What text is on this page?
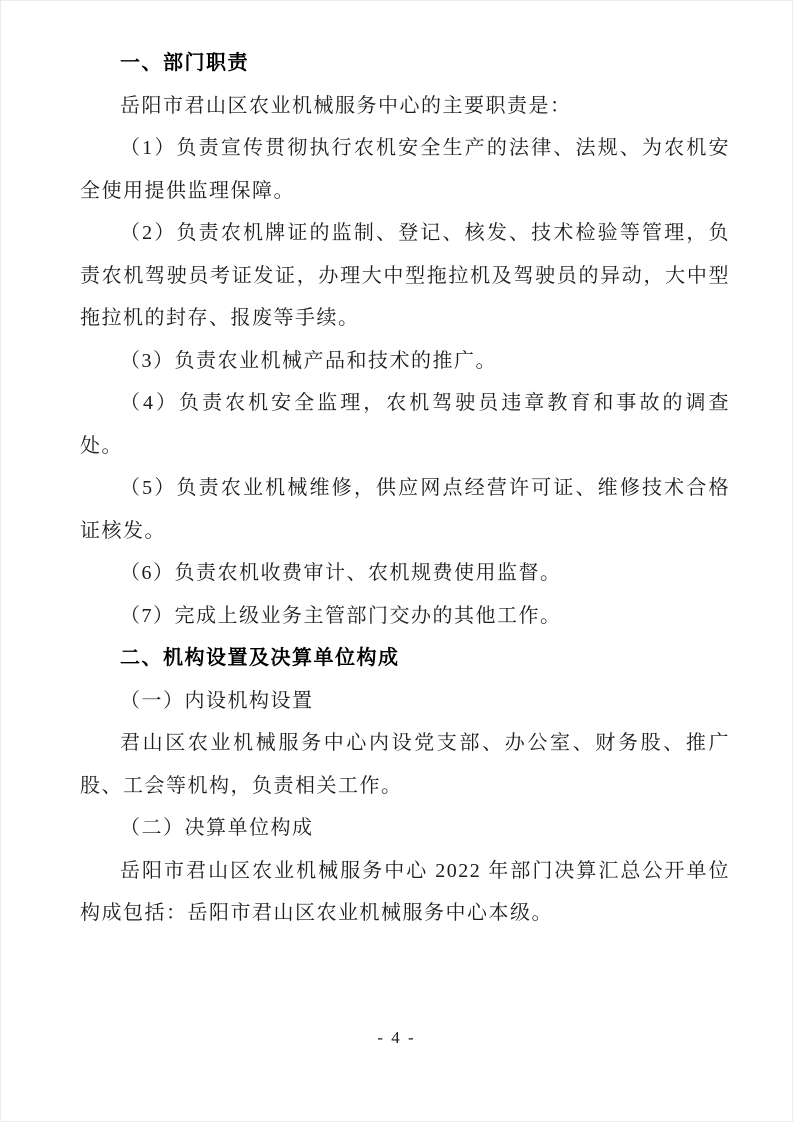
一、部门职责

岳阳市君山区农业机械服务中心的主要职责是：

（1）负责宣传贯彻执行农机安全生产的法律、法规、为农机安全使用提供监理保障。

（2）负责农机牌证的监制、登记、核发、技术检验等管理，负责农机驾驶员考证发证，办理大中型拖拉机及驾驶员的异动，大中型拖拉机的封存、报废等手续。

（3）负责农业机械产品和技术的推广。

（4）负责农机安全监理，农机驾驶员违章教育和事故的调查处。

（5）负责农业机械维修，供应网点经营许可证、维修技术合格证核发。

（6）负责农机收费审计、农机规费使用监督。

（7）完成上级业务主管部门交办的其他工作。

二、机构设置及决算单位构成

（一）内设机构设置

君山区农业机械服务中心内设党支部、办公室、财务股、推广股、工会等机构，负责相关工作。

（二）决算单位构成

岳阳市君山区农业机械服务中心 2022 年部门决算汇总公开单位构成包括：岳阳市君山区农业机械服务中心本级。

- 4 -
